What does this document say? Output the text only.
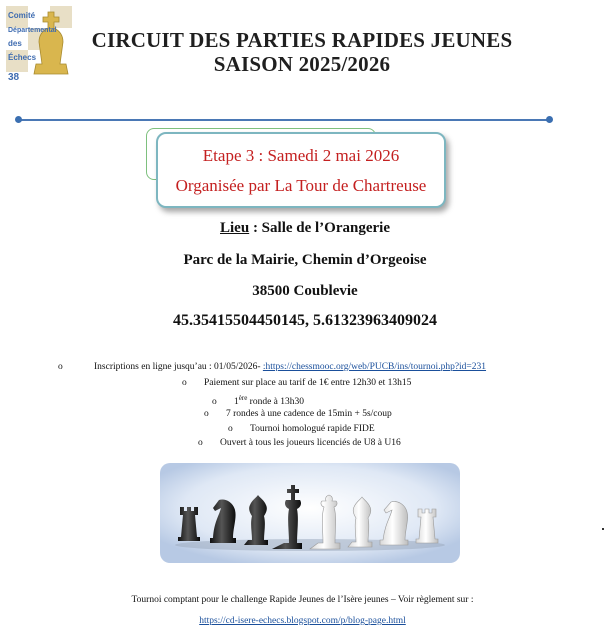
Comité
Départemental
des
Échecs
38
CIRCUIT DES PARTIES RAPIDES JEUNES
SAISON 2025/2026
Etape 3 : Samedi 2 mai 2026
Organisée par La Tour de Chartreuse
Lieu : Salle de l’Orangerie
Parc de la Mairie, Chemin d’Orgeoise
38500 Coublevie
45.35415504450145, 5.61323963409024
o	Inscriptions en ligne jusqu’au : 01/05/2026- :https://chessmooc.org/web/PUCB/ins/tournoi.php?id=231
o Paiement sur place au tarif de 1€ entre 12h30 et 13h15
o 1ère ronde à 13h30
o 7 rondes à une cadence de 15min + 5s/coup
o Tournoi homologué rapide FIDE
o Ouvert à tous les joueurs licenciés de U8 à U16
Tournoi comptant pour le challenge Rapide Jeunes de l’Isère jeunes – Voir règlement sur :
https://cd-isere-echecs.blogspot.com/p/blog-page.html
